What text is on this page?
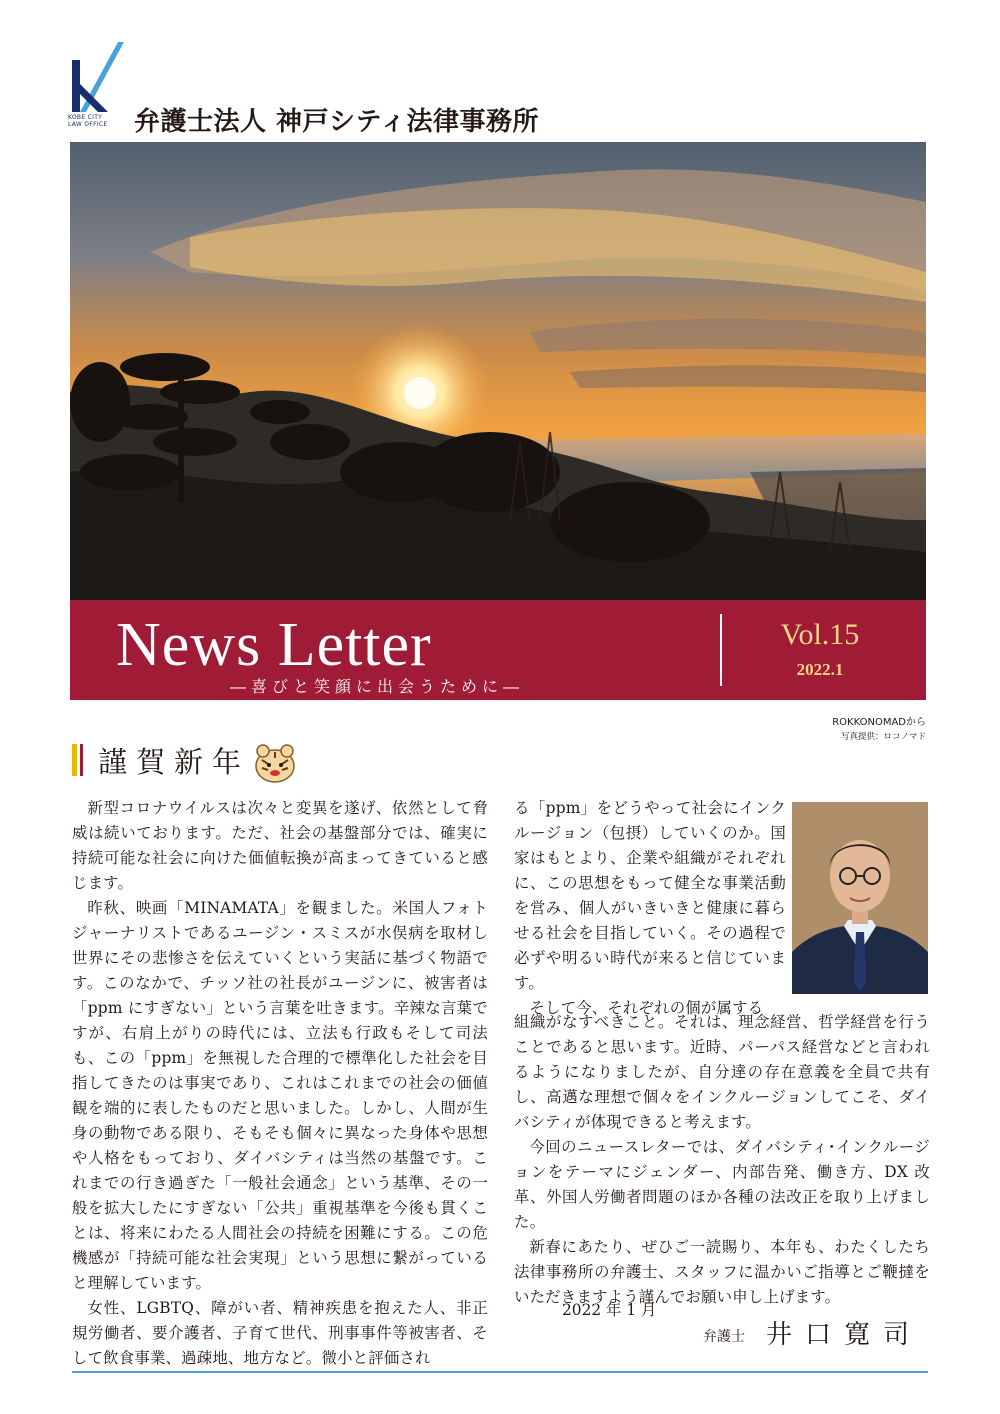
KOBE CITY
LAW OFFICE 弁護士法人 神戸シティ法律事務所
News Letter
―喜びと笑顔に出会うために―
Vol.15
2022.1
ROKKONOMADから
写真提供：ロコノマド
謹賀新年

新型コロナウイルスは次々と変異を遂げ、依然として脅威は続いております。ただ、社会の基盤部分では、確実に持続可能な社会に向けた価値転換が高まってきていると感じます。

昨秋、映画「MINAMATA」を観ました。米国人フォトジャーナリストであるユージン・スミスが水俣病を取材し世界にその悲惨さを伝えていくという実話に基づく物語です。このなかで、チッソ社の社長がユージンに、被害者は「ppm にすぎない」という言葉を吐きます。辛辣な言葉ですが、右肩上がりの時代には、立法も行政もそして司法も、この「ppm」を無視した合理的で標準化した社会を目指してきたのは事実であり、これはこれまでの社会の価値観を端的に表したものだと思いました。しかし、人間が生身の動物である限り、そもそも個々に異なった身体や思想や人格をもっており、ダイバシティは当然の基盤です。これまでの行き過ぎた「一般社会通念」という基準、その一般を拡大したにすぎない「公共」重視基準を今後も貫くことは、将来にわたる人間社会の持続を困難にする。この危機感が「持続可能な社会実現」という思想に繋がっていると理解しています。

女性、LGBTQ、障がい者、精神疾患を抱えた人、非正規労働者、要介護者、子育て世代、刑事事件等被害者、そして飲食事業、過疎地、地方など。微小と評価され

る「ppm」をどうやって社会にインクルージョン（包摂）していくのか。国家はもとより、企業や組織がそれぞれに、この思想をもって健全な事業活動を営み、個人がいきいきと健康に暮らせる社会を目指していく。その過程で必ずや明るい時代が来ると信じています。

そして今、それぞれの個が属する

組織がなすべきこと。それは、理念経営、哲学経営を行うことであると思います。近時、パーパス経営などと言われるようになりましたが、自分達の存在意義を全員で共有し、高邁な理想で個々をインクルージョンしてこそ、ダイバシティが体現できると考えます。

今回のニュースレターでは、ダイバシティ･インクルージョンをテーマにジェンダー、内部告発、働き方、DX 改革、外国人労働者問題のほか各種の法改正を取り上げました。

新春にあたり、ぜひご一読賜り、本年も、わたくしたち法律事務所の弁護士、スタッフに温かいご指導とご鞭撻をいただきますよう謹んでお願い申し上げます。

2022 年 1 月
弁護士 井口寛司
